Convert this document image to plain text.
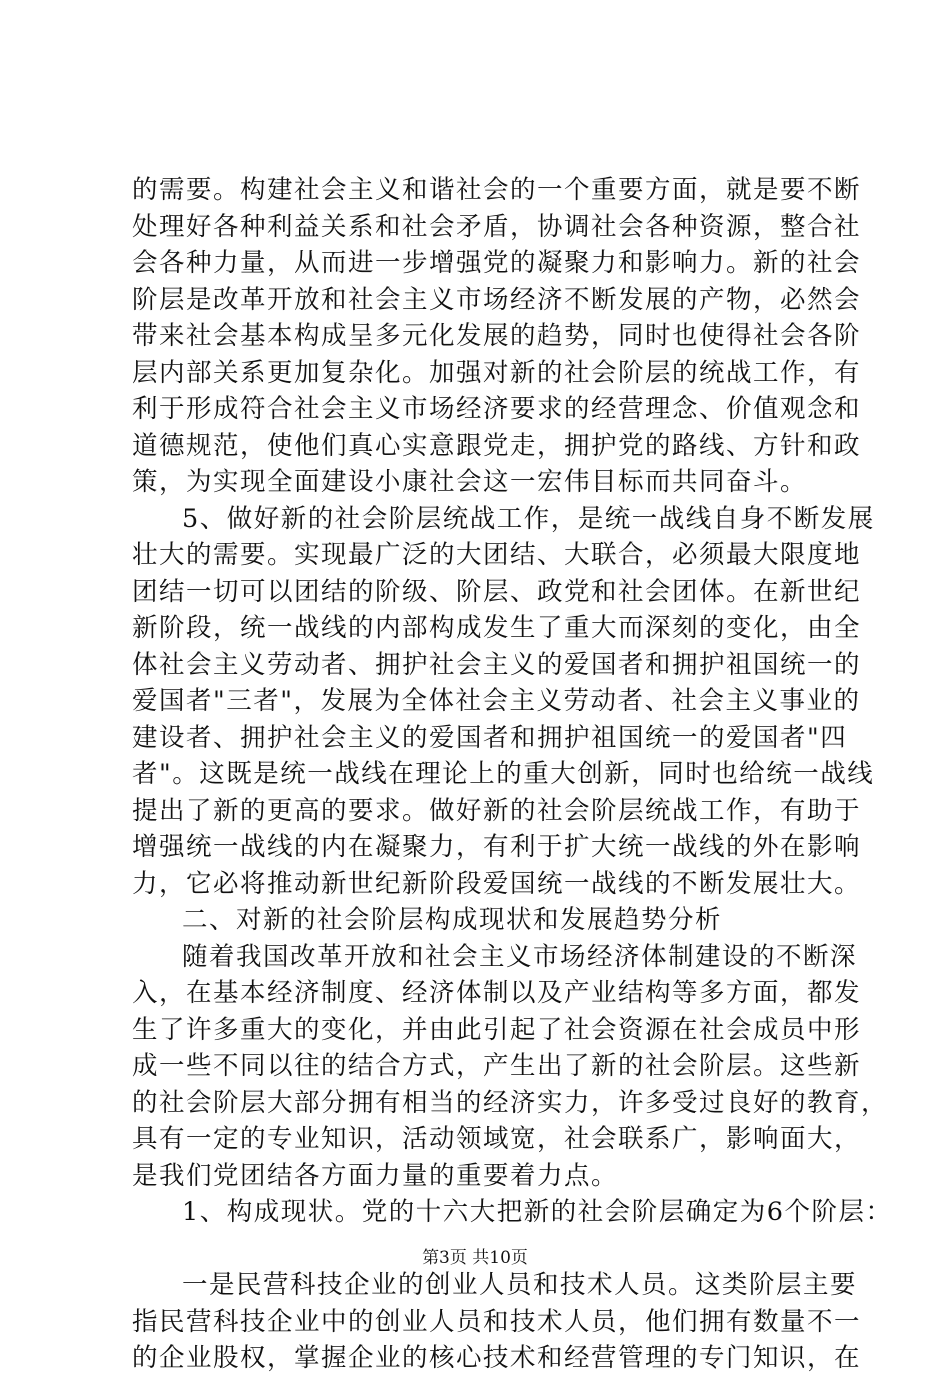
的需要。构建社会主义和谐社会的一个重要方面，就是要不断
处理好各种利益关系和社会矛盾，协调社会各种资源，整合社
会各种力量，从而进一步增强党的凝聚力和影响力。新的社会
阶层是改革开放和社会主义市场经济不断发展的产物，必然会
带来社会基本构成呈多元化发展的趋势，同时也使得社会各阶
层内部关系更加复杂化。加强对新的社会阶层的统战工作，有
利于形成符合社会主义市场经济要求的经营理念、价值观念和
道德规范，使他们真心实意跟党走，拥护党的路线、方针和政
策，为实现全面建设小康社会这一宏伟目标而共同奋斗。
5、做好新的社会阶层统战工作，是统一战线自身不断发展
壮大的需要。实现最广泛的大团结、大联合，必须最大限度地
团结一切可以团结的阶级、阶层、政党和社会团体。在新世纪
新阶段，统一战线的内部构成发生了重大而深刻的变化，由全
体社会主义劳动者、拥护社会主义的爱国者和拥护祖国统一的
爱国者"三者"，发展为全体社会主义劳动者、社会主义事业的
建设者、拥护社会主义的爱国者和拥护祖国统一的爱国者"四
者"。这既是统一战线在理论上的重大创新，同时也给统一战线
提出了新的更高的要求。做好新的社会阶层统战工作，有助于
增强统一战线的内在凝聚力，有利于扩大统一战线的外在影响
力，它必将推动新世纪新阶段爱国统一战线的不断发展壮大。
二、对新的社会阶层构成现状和发展趋势分析
随着我国改革开放和社会主义市场经济体制建设的不断深
入，在基本经济制度、经济体制以及产业结构等多方面，都发
生了许多重大的变化，并由此引起了社会资源在社会成员中形
成一些不同以往的结合方式，产生出了新的社会阶层。这些新
的社会阶层大部分拥有相当的经济实力，许多受过良好的教育，
具有一定的专业知识，活动领域宽，社会联系广，影响面大，
是我们党团结各方面力量的重要着力点。
1、构成现状。党的十六大把新的社会阶层确定为6个阶层：
一是民营科技企业的创业人员和技术人员。这类阶层主要
指民营科技企业中的创业人员和技术人员，他们拥有数量不一
的企业股权，掌握企业的核心技术和经营管理的专门知识，在
第3页 共10页
